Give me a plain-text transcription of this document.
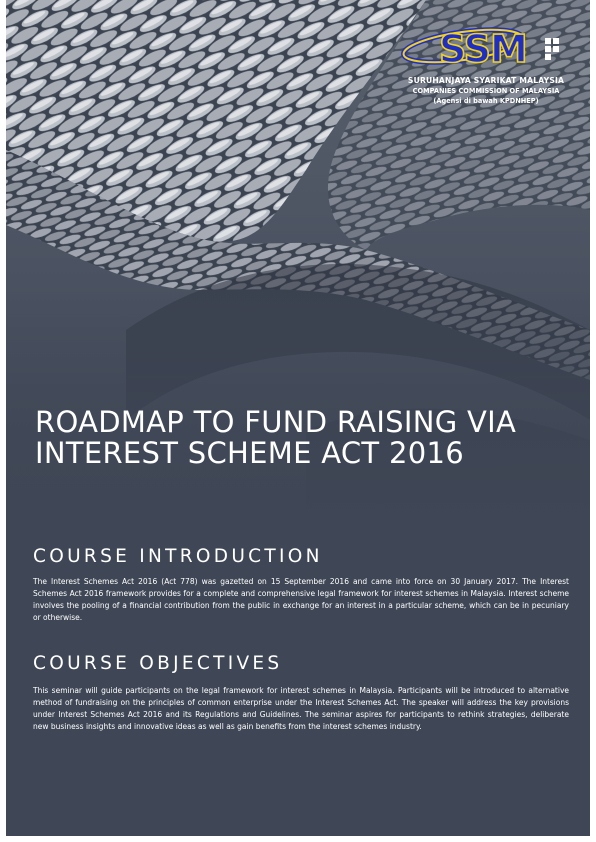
SSM
SURUHANJAYA SYARIKAT MALAYSIA
COMPANIES COMMISSION OF MALAYSIA
(Agensi di bawah KPDNHEP)
ROADMAP TO FUND RAISING VIA INTEREST SCHEME ACT 2016
COURSE INTRODUCTION

The Interest Schemes Act 2016 (Act 778) was gazetted on 15 September 2016 and came into force on 30 January 2017. The Interest Schemes Act 2016 framework provides for a complete and comprehensive legal framework for interest schemes in Malaysia. Interest scheme involves the pooling of a financial contribution from the public in exchange for an interest in a particular scheme, which can be in pecuniary or otherwise.

COURSE OBJECTIVES

This seminar will guide participants on the legal framework for interest schemes in Malaysia. Participants will be introduced to alternative method of fundraising on the principles of common enterprise under the Interest Schemes Act. The speaker will address the key provisions under Interest Schemes Act 2016 and its Regulations and Guidelines. The seminar aspires for participants to rethink strategies, deliberate new business insights and innovative ideas as well as gain benefits from the interest schemes industry.
